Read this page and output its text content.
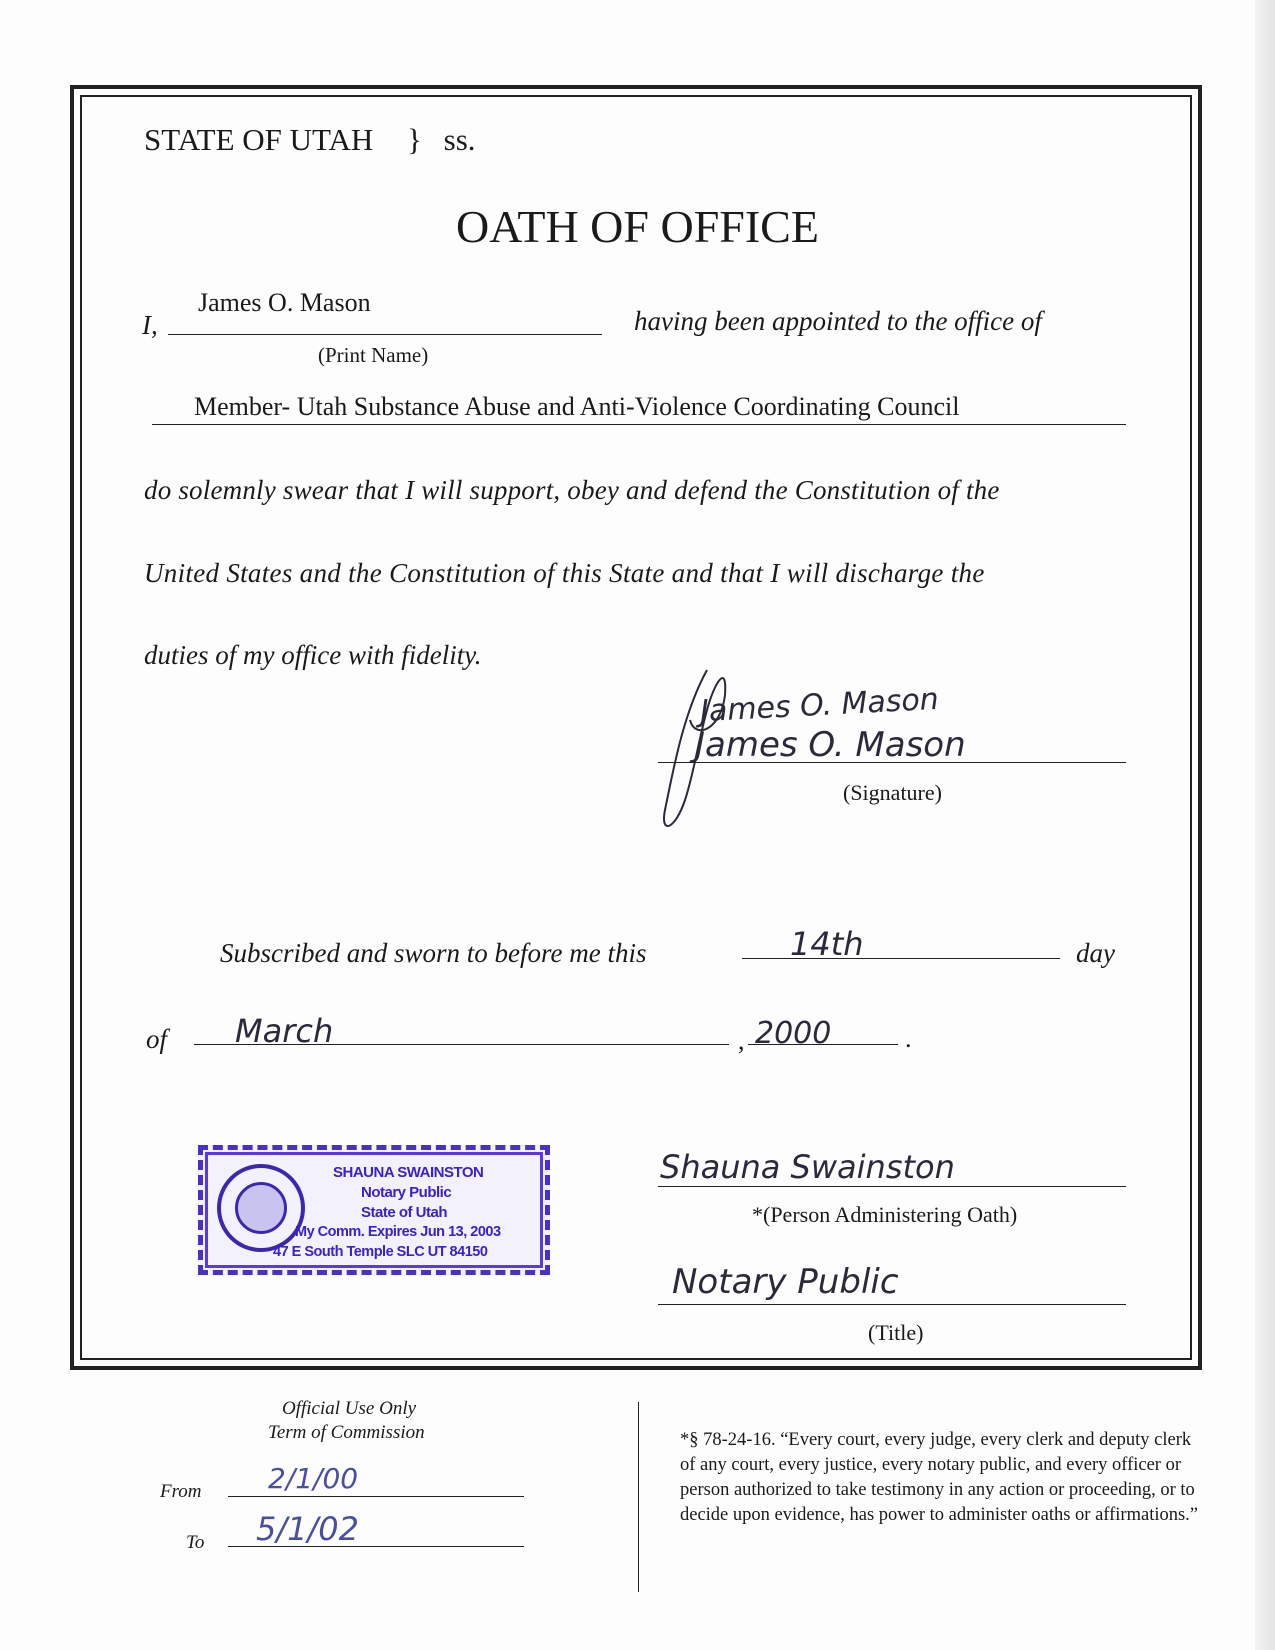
STATE OF UTAH } ss.
OATH OF OFFICE
I,
James O. Mason
(Print Name)
having been appointed to the office of
Member- Utah Substance Abuse and Anti-Violence Coordinating Council
do solemnly swear that I will support, obey and defend the Constitution of the
United States and the Constitution of this State and that I will discharge the
duties of my office with fidelity.
James O. Mason
James O. Mason
(Signature)
Subscribed and sworn to before me this	14th	day
of March	, 2000	.
SHAUNA SWAINSTON
Notary Public
State of Utah
My Comm. Expires Jun 13, 2003
47 E South Temple SLC UT 84150
Shauna Swainston
*(Person Administering Oath)
Notary Public
(Title)
Official Use Only
Term of Commission
From 2/1/00
To 5/1/02
*§ 78-24-16. “Every court, every judge, every clerk and deputy clerk of any court, every justice, every notary public, and every officer or person authorized to take testimony in any action or proceeding, or to decide upon evidence, has power to administer oaths or affirmations.”
